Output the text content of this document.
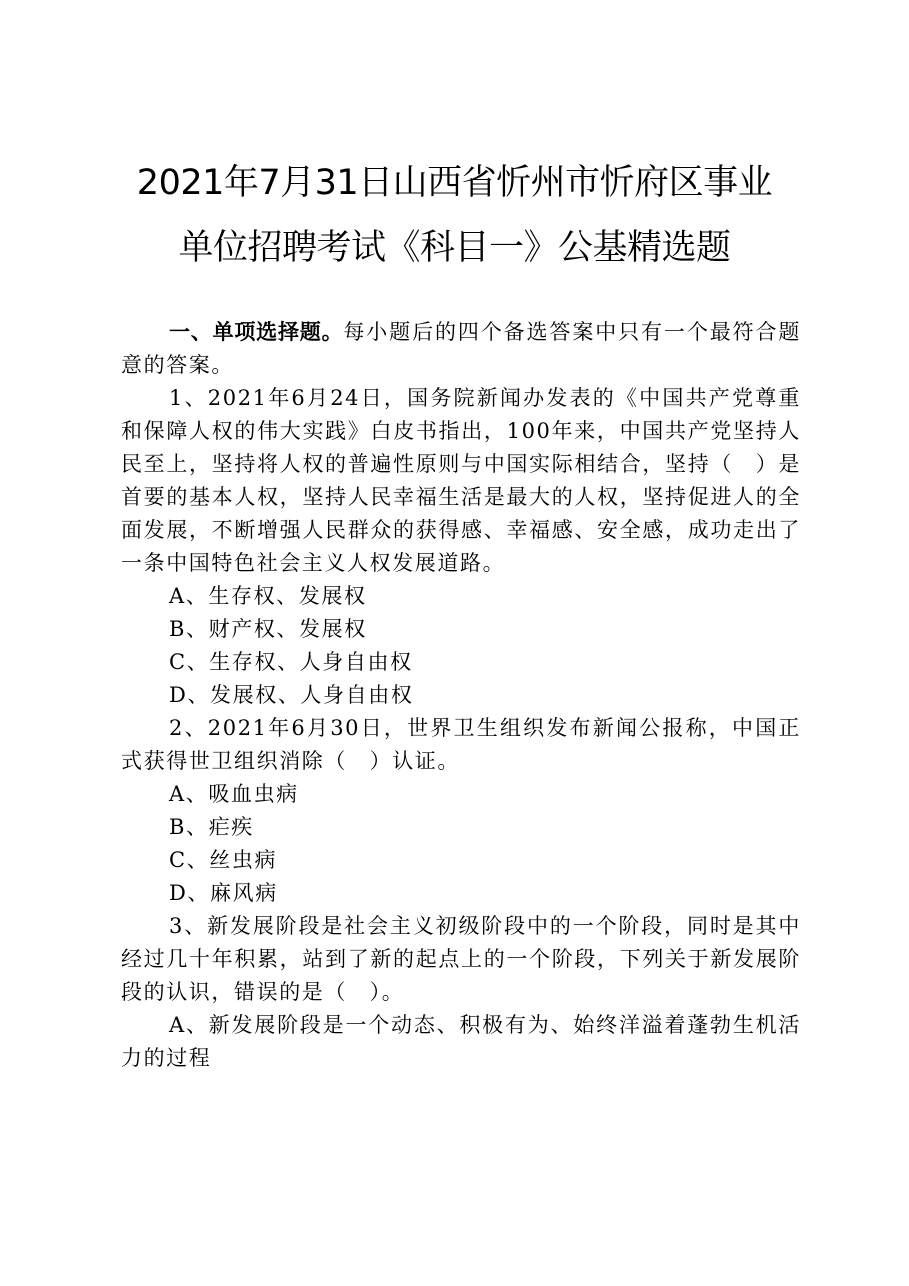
2021年7月31日山西省忻州市忻府区事业
单位招聘考试《科目一》公基精选题

一、单项选择题。每小题后的四个备选答案中只有一个最符合题意的答案。

1、2021年6月24日，国务院新闻办发表的《中国共产党尊重和保障人权的伟大实践》白皮书指出，100年来，中国共产党坚持人民至上，坚持将人权的普遍性原则与中国实际相结合，坚持（　）是首要的基本人权，坚持人民幸福生活是最大的人权，坚持促进人的全面发展，不断增强人民群众的获得感、幸福感、安全感，成功走出了一条中国特色社会主义人权发展道路。

A、生存权、发展权

B、财产权、发展权

C、生存权、人身自由权

D、发展权、人身自由权

2、2021年6月30日，世界卫生组织发布新闻公报称，中国正式获得世卫组织消除（　）认证。

A、吸血虫病

B、疟疾

C、丝虫病

D、麻风病

3、新发展阶段是社会主义初级阶段中的一个阶段，同时是其中经过几十年积累，站到了新的起点上的一个阶段，下列关于新发展阶段的认识，错误的是（　）。

A、新发展阶段是一个动态、积极有为、始终洋溢着蓬勃生机活力的过程
